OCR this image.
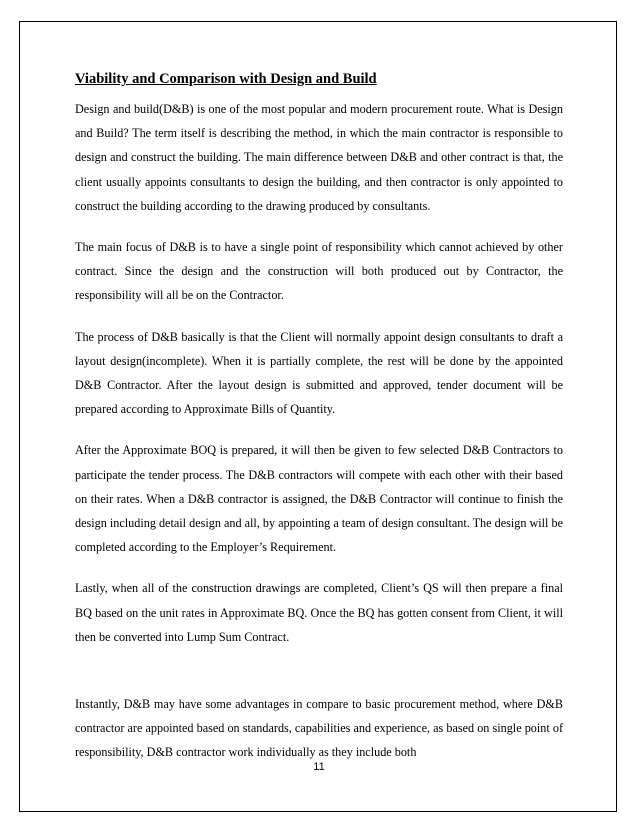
Viability and Comparison with Design and Build

Design and build(D&B) is one of the most popular and modern procurement route. What is Design and Build? The term itself is describing the method, in which the main contractor is responsible to design and construct the building. The main difference between D&B and other contract is that, the client usually appoints consultants to design the building, and then contractor is only appointed to construct the building according to the drawing produced by consultants.

The main focus of D&B is to have a single point of responsibility which cannot achieved by other contract. Since the design and the construction will both produced out by Contractor, the responsibility will all be on the Contractor.

The process of D&B basically is that the Client will normally appoint design consultants to draft a layout design(incomplete). When it is partially complete, the rest will be done by the appointed D&B Contractor. After the layout design is submitted and approved, tender document will be prepared according to Approximate Bills of Quantity.

After the Approximate BOQ is prepared, it will then be given to few selected D&B Contractors to participate the tender process. The D&B contractors will compete with each other with their based on their rates. When a D&B contractor is assigned, the D&B Contractor will continue to finish the design including detail design and all, by appointing a team of design consultant. The design will be completed according to the Employer’s Requirement.

Lastly, when all of the construction drawings are completed, Client’s QS will then prepare a final BQ based on the unit rates in Approximate BQ. Once the BQ has gotten consent from Client, it will then be converted into Lump Sum Contract.

Instantly, D&B may have some advantages in compare to basic procurement method, where D&B contractor are appointed based on standards, capabilities and experience, as based on single point of responsibility, D&B contractor work individually as they include both

11
